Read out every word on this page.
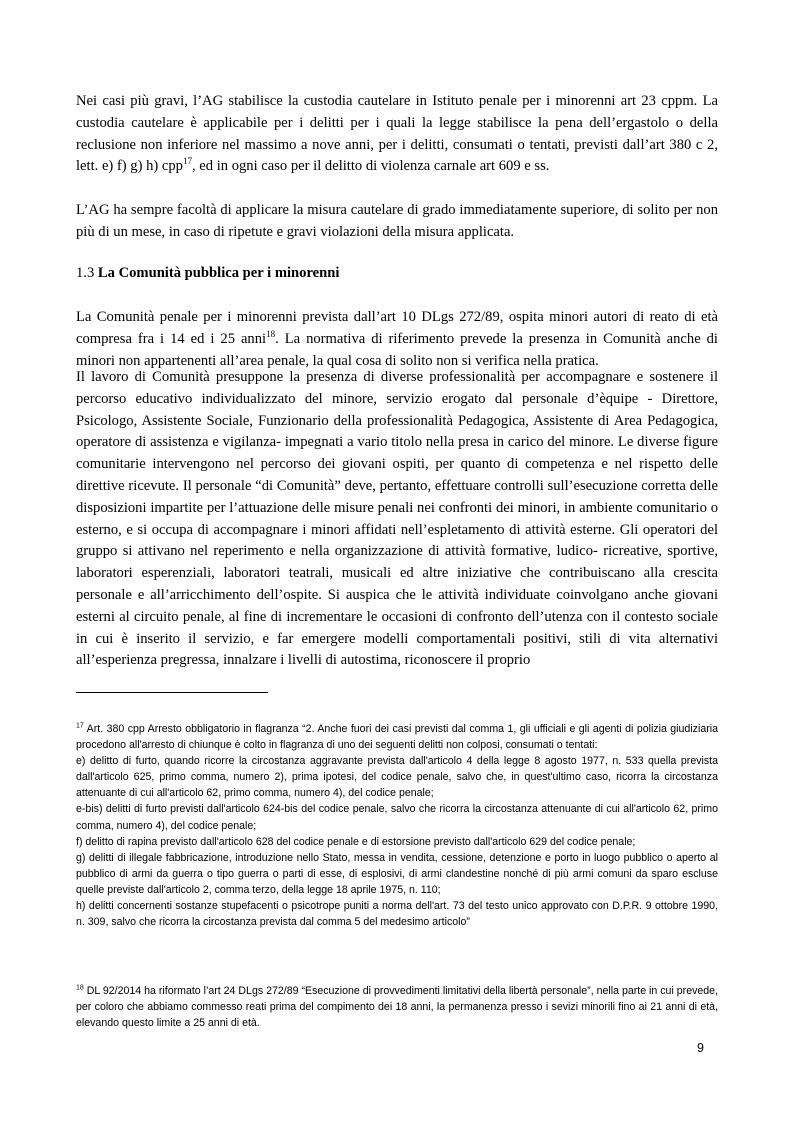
Nei casi più gravi, l’AG stabilisce la custodia cautelare in Istituto penale per i minorenni art 23 cppm. La custodia cautelare è applicabile per i delitti per i quali la legge stabilisce la pena dell’ergastolo o della reclusione non inferiore nel massimo a nove anni, per i delitti, consumati o tentati, previsti dall’art 380 c 2, lett. e) f) g) h) cpp$^{17}$, ed in ogni caso per il delitto di violenza carnale art 609 e ss.

L’AG ha sempre facoltà di applicare la misura cautelare di grado immediatamente superiore, di solito per non più di un mese, in caso di ripetute e gravi violazioni della misura applicata.

1.3 La Comunità pubblica per i minorenni

La Comunità penale per i minorenni prevista dall’art 10 DLgs 272/89, ospita minori autori di reato di età compresa fra i 14 ed i 25 anni$^{18}$. La normativa di riferimento prevede la presenza in Comunità anche di minori non appartenenti all’area penale, la qual cosa di solito non si verifica nella pratica.

Il lavoro di Comunità presuppone la presenza di diverse professionalità per accompagnare e sostenere il percorso educativo individualizzato del minore, servizio erogato dal personale d’èquipe - Direttore, Psicologo, Assistente Sociale, Funzionario della professionalità Pedagogica, Assistente di Area Pedagogica, operatore di assistenza e vigilanza- impegnati a vario titolo nella presa in carico del minore. Le diverse figure comunitarie intervengono nel percorso dei giovani ospiti, per quanto di competenza e nel rispetto delle direttive ricevute. Il personale “di Comunità” deve, pertanto, effettuare controlli sull’esecuzione corretta delle disposizioni impartite per l’attuazione delle misure penali nei confronti dei minori, in ambiente comunitario o esterno, e si occupa di accompagnare i minori affidati nell’espletamento di attività esterne. Gli operatori del gruppo si attivano nel reperimento e nella organizzazione di attività formative, ludico- ricreative, sportive, laboratori esperenziali, laboratori teatrali, musicali ed altre iniziative che contribuiscano alla crescita personale e all’arricchimento dell’ospite. Si auspica che le attività individuate coinvolgano anche giovani esterni al circuito penale, al fine di incrementare le occasioni di confronto dell’utenza con il contesto sociale in cui è inserito il servizio, e far emergere modelli comportamentali positivi, stili di vita alternativi all’esperienza pregressa, innalzare i livelli di autostima, riconoscere il proprio

$^{17}$ Art. 380 cpp Arresto obbligatorio in flagranza “2. Anche fuori dei casi previsti dal comma 1, gli ufficiali e gli agenti di polizia giudiziaria procedono all'arresto di chiunque è colto in flagranza di uno dei seguenti delitti non colposi, consumati o tentati:
e) delitto di furto, quando ricorre la circostanza aggravante prevista dall'articolo 4 della legge 8 agosto 1977, n. 533 quella prevista dall'articolo 625, primo comma, numero 2), prima ipotesi, del codice penale, salvo che, in quest'ultimo caso, ricorra la circostanza attenuante di cui all'articolo 62, primo comma, numero 4), del codice penale;
e-bis) delitti di furto previsti dall'articolo 624-bis del codice penale, salvo che ricorra la circostanza attenuante di cui all'articolo 62, primo comma, numero 4), del codice penale;
f) delitto di rapina previsto dall'articolo 628 del codice penale e di estorsione previsto dall'articolo 629 del codice penale;
g) delitti di illegale fabbricazione, introduzione nello Stato, messa in vendita, cessione, detenzione e porto in luogo pubblico o aperto al pubblico di armi da guerra o tipo guerra o parti di esse, di esplosivi, di armi clandestine nonché di più armi comuni da sparo escluse quelle previste dall'articolo 2, comma terzo, della legge 18 aprile 1975, n. 110;
h) delitti concernenti sostanze stupefacenti o psicotrope puniti a norma dell'art. 73 del testo unico approvato con D.P.R. 9 ottobre 1990, n. 309, salvo che ricorra la circostanza prevista dal comma 5 del medesimo articolo”
$^{18}$ DL 92/2014 ha riformato l’art 24 DLgs 272/89 “Esecuzione di provvedimenti limitativi della libertà personale”, nella parte in cui prevede, per coloro che abbiamo commesso reati prima del compimento dei 18 anni, la permanenza presso i sevizi minorili fino ai 21 anni di età, elevando questo limite a 25 anni di età.
9
